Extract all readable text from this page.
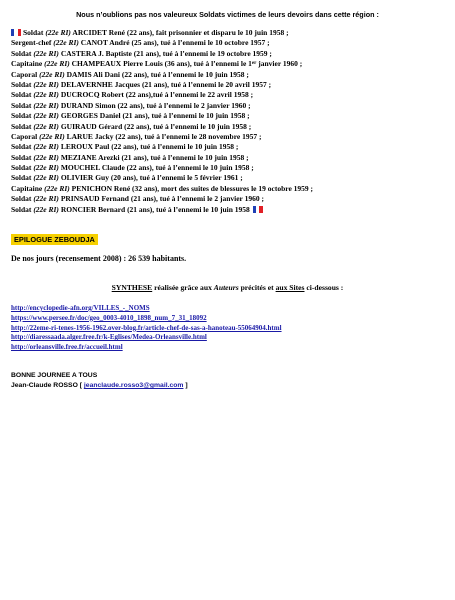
Nous n’oublions pas nos valeureux Soldats victimes de leurs devoirs dans cette région :
Soldat (22e RI) ARCIDET René (22 ans), fait prisonnier et disparu le 10 juin 1958 ;
Sergent-chef (22e RI) CANOT André (25 ans), tué à l’ennemi le 10 octobre 1957 ;
Soldat (22e RI) CASTERA J. Baptiste (21 ans), tué à l’ennemi le 19 octobre 1959 ;
Capitaine (22e RI) CHAMPEAUX Pierre Louis (36 ans), tué à l’ennemi le 1er janvier 1960 ;
Caporal (22e RI) DAMIS Ali Dani (22 ans), tué à l’ennemi le 10 juin 1958 ;
Soldat (22e RI) DELAVERNHE Jacques (21 ans), tué à l’ennemi le 20 avril 1957 ;
Soldat (22e RI) DUCROCQ Robert (22 ans),tué à l’ennemi le 22 avril 1958 ;
Soldat (22e RI) DURAND Simon (22 ans), tué à l’ennemi le 2 janvier 1960 ;
Soldat (22e RI) GEORGES Daniel (21 ans), tué à l’ennemi le 10 juin 1958 ;
Soldat (22e RI) GUIRAUD Gérard (22 ans), tué à l’ennemi le 10 juin 1958 ;
Caporal (22e RI) LARUE Jacky (22 ans), tué à l’ennemi le 28 novembre 1957 ;
Soldat (22e RI) LEROUX Paul (22 ans), tué à l’ennemi le 10 juin 1958 ;
Soldat (22e RI) MEZIANE Arezki (21 ans), tué à l’ennemi le 10 juin 1958 ;
Soldat (22e RI) MOUCHEL Claude (22 ans), tué à l’ennemi le 10 juin 1958 ;
Soldat (22e RI) OLIVIER Guy (20 ans), tué à l’ennemi le 5 février 1961 ;
Capitaine (22e RI) PENICHON René (32 ans), mort des suites de blessures le 19 octobre 1959 ;
Soldat (22e RI) PRINSAUD Fernand (21 ans), tué à l’ennemi le 2 janvier 1960 ;
Soldat (22e RI) RONCIER Bernard (21 ans), tué à l’ennemi le 10 juin 1958
EPILOGUE ZEBOUDJA
De nos jours (recensement 2008) : 26 539 habitants.
SYNTHESE réalisée grâce aux Auteurs précités et aux Sites ci-dessous :
http://encyclopedie-afn.org/VILLES_-_NOMS
https://www.persee.fr/doc/geo_0003-4010_1898_num_7_31_18092
http://22eme-ri-tenes-1956-1962.over-blog.fr/article-chef-de-sas-a-hanoteau-55064904.html
http://diaressaada.alger.free.fr/k-Eglises/Medea-Orleansville.html
http://orleansville.free.fr/accueil.html
BONNE JOURNEE A TOUS
Jean-Claude ROSSO [ jeanclaude.rosso3@gmail.com ]
